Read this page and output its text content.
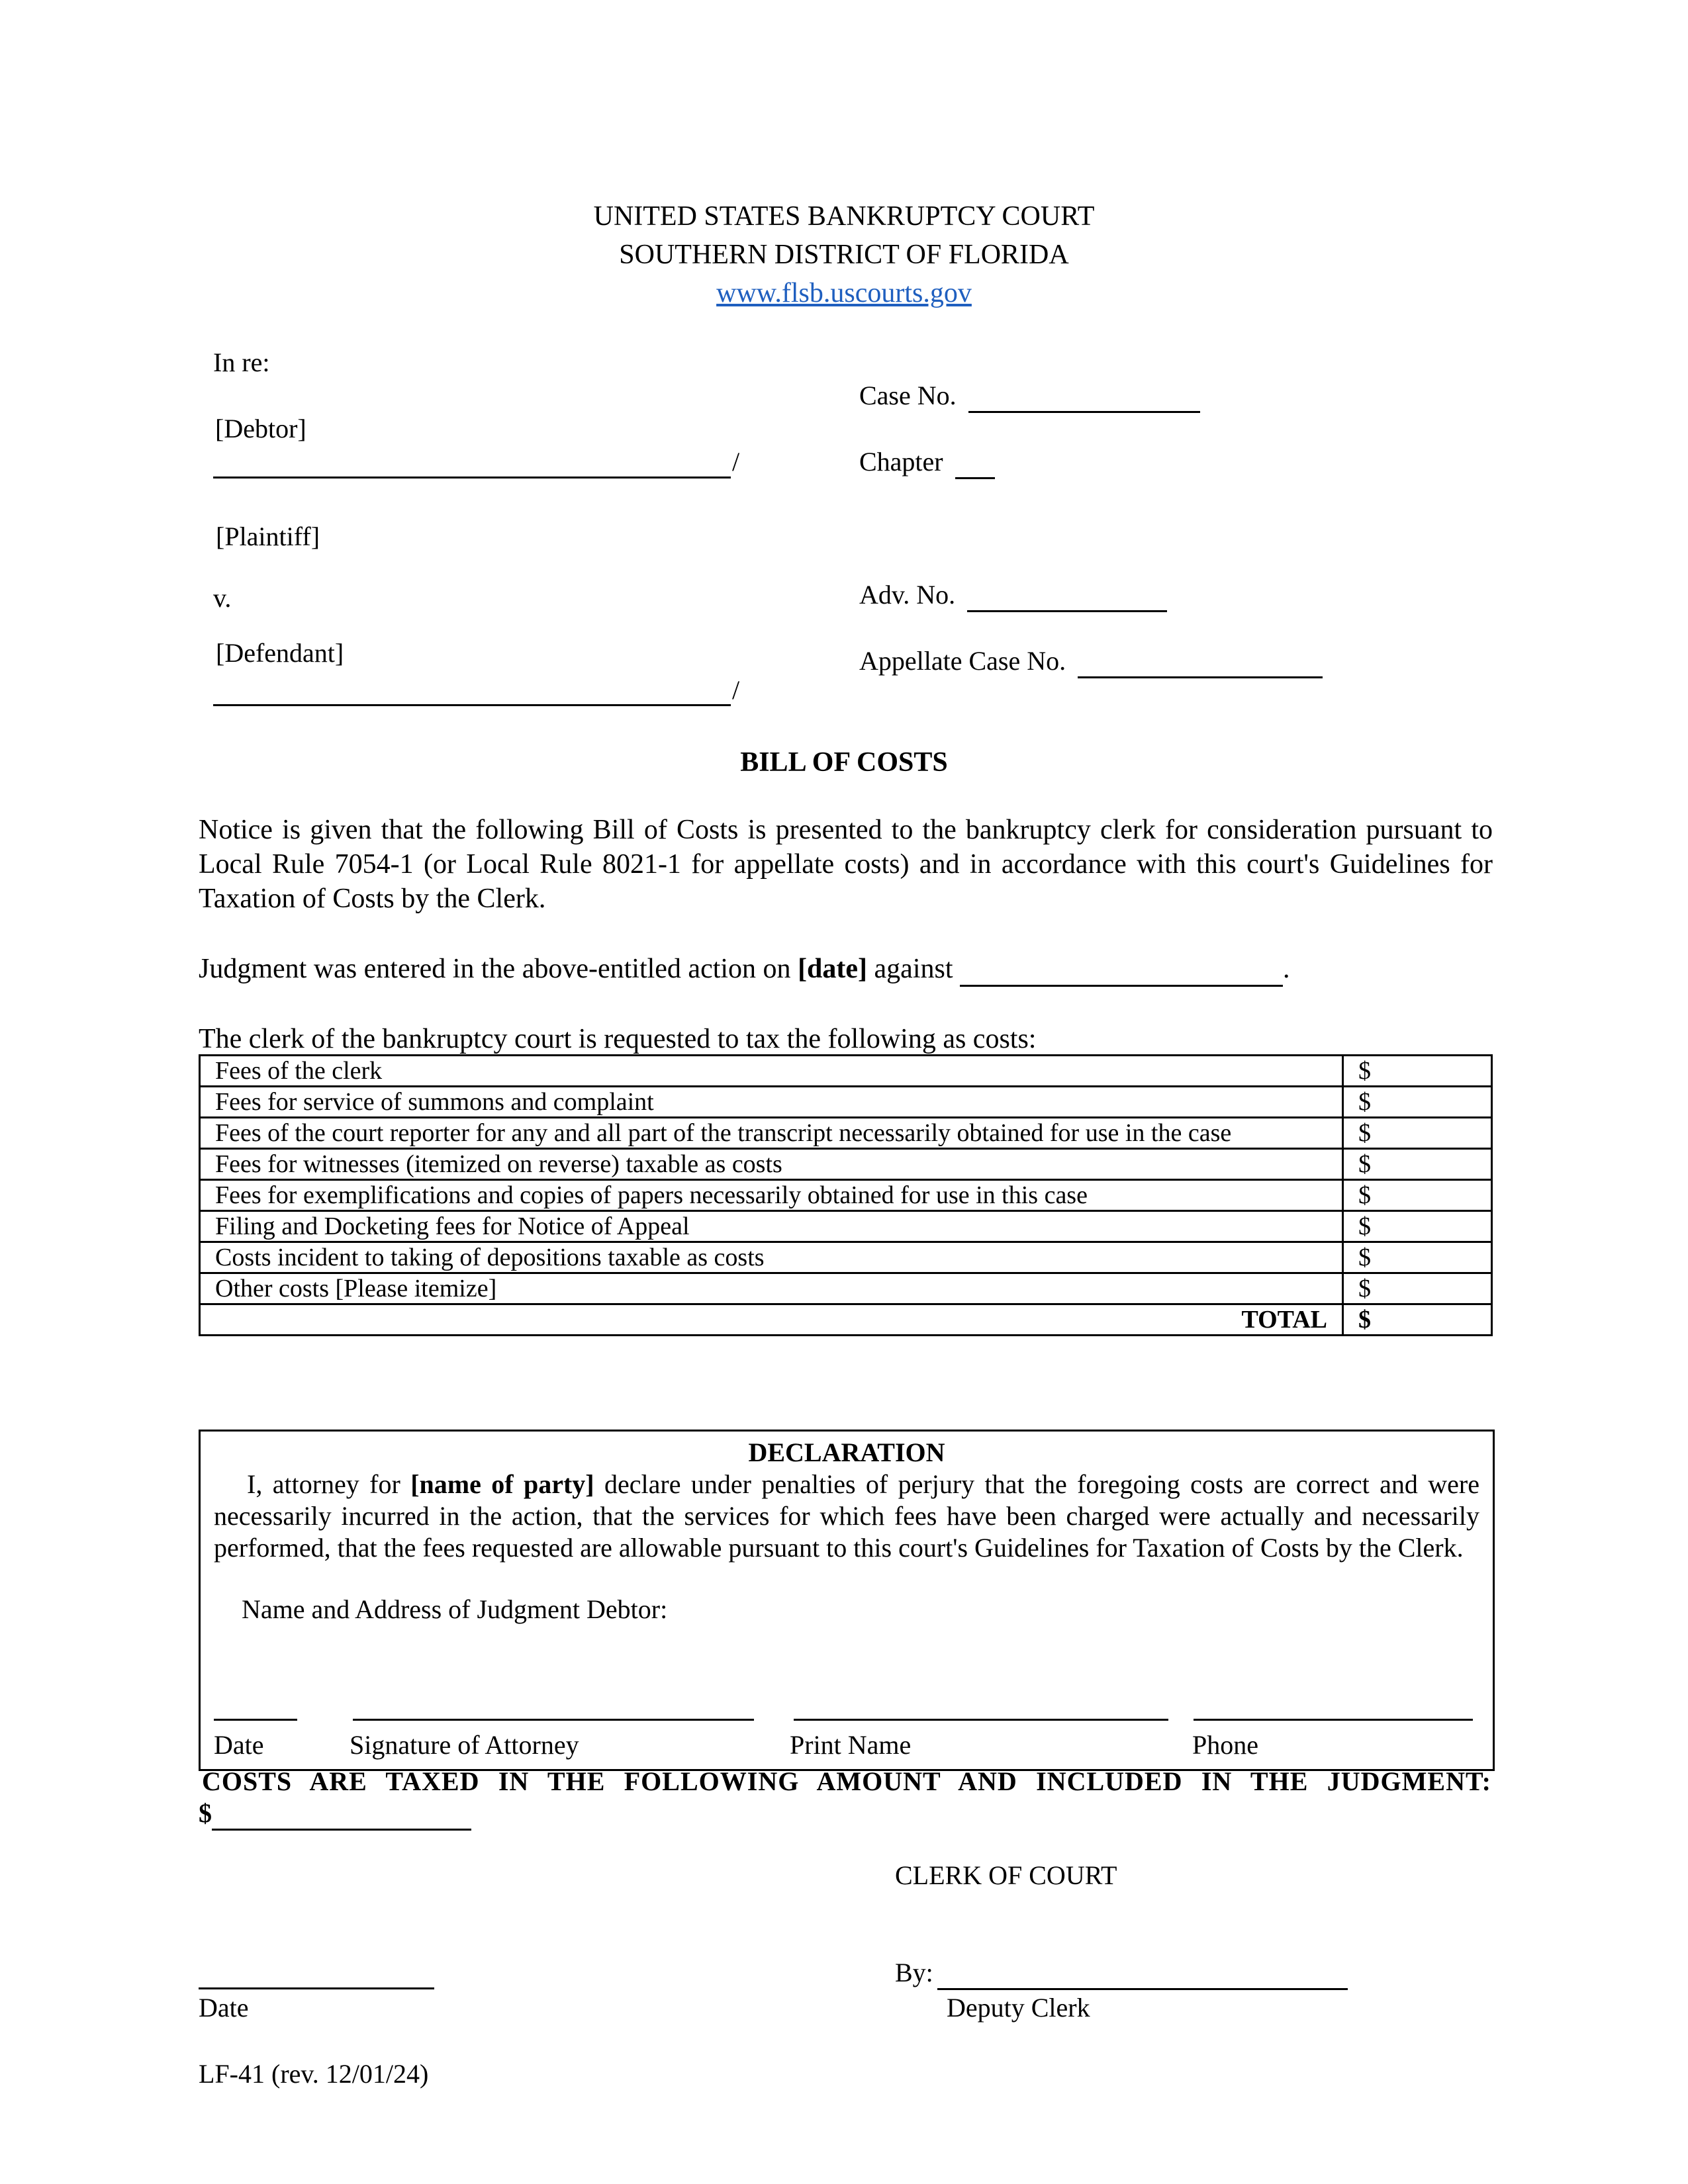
UNITED STATES BANKRUPTCY COURT
SOUTHERN DISTRICT OF FLORIDA
www.flsb.uscourts.gov
In re:
[Debtor]
/
[Plaintiff]
v.
[Defendant]
/
Case No.
Chapter
Adv. No.
Appellate Case No.
BILL OF COSTS
Notice is given that the following Bill of Costs is presented to the bankruptcy clerk for consideration pursuant to Local Rule 7054-1 (or Local Rule 8021-1 for appellate costs) and in accordance with this court's Guidelines for Taxation of Costs by the Clerk.
Judgment was entered in the above-entitled action on [date] against	.
The clerk of the bankruptcy court is requested to tax the following as costs:
Fees of the clerk	$
Fees for service of summons and complaint	$
Fees of the court reporter for any and all part of the transcript necessarily obtained for use in the case	$
Fees for witnesses (itemized on reverse) taxable as costs	$
Fees for exemplifications and copies of papers necessarily obtained for use in this case	$
Filing and Docketing fees for Notice of Appeal	$
Costs incident to taking of depositions taxable as costs	$
Other costs [Please itemize]	$
TOTAL	$
DECLARATION
I, attorney for [name of party] declare under penalties of perjury that the foregoing costs are correct and were necessarily incurred in the action, that the services for which fees have been charged were actually and necessarily performed, that the fees requested are allowable pursuant to this court's Guidelines for Taxation of Costs by the Clerk.
Name and Address of Judgment Debtor:
Date	Signature of Attorney	Print Name	Phone
COSTS ARE TAXED IN THE FOLLOWING AMOUNT AND INCLUDED IN THE JUDGMENT:
$
CLERK OF COURT
By:
Deputy Clerk
Date
LF-41 (rev. 12/01/24)
